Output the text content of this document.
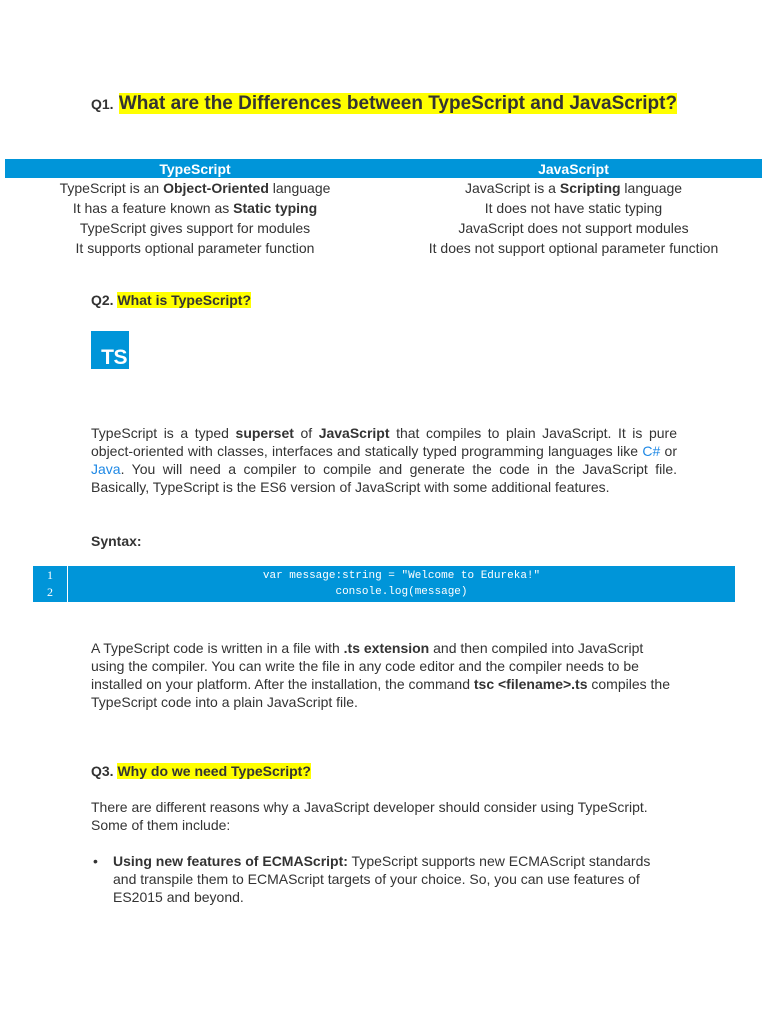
Q1. What are the Differences between TypeScript and JavaScript?
TypeScript	JavaScript
TypeScript is an Object-Oriented language	JavaScript is a Scripting language
It has a feature known as Static typing	It does not have static typing
TypeScript gives support for modules	JavaScript does not support modules
It supports optional parameter function	It does not support optional parameter function
Q2. What is TypeScript?
TS
TypeScript is a typed superset of JavaScript that compiles to plain JavaScript. It is pure object-oriented with classes, interfaces and statically typed programming languages like C# or Java. You will need a compiler to compile and generate the code in the JavaScript file. Basically, TypeScript is the ES6 version of JavaScript with some additional features.
Syntax:
1
2
var message:string = "Welcome to Edureka!"
console.log(message)
A TypeScript code is written in a file with .ts extension and then compiled into JavaScript using the compiler. You can write the file in any code editor and the compiler needs to be installed on your platform. After the installation, the command tsc <filename>.ts compiles the TypeScript code into a plain JavaScript file.
Q3. Why do we need TypeScript?
There are different reasons why a JavaScript developer should consider using TypeScript. Some of them include:
• Using new features of ECMAScript: TypeScript supports new ECMAScript standards and transpile them to ECMAScript targets of your choice. So, you can use features of ES2015 and beyond.
